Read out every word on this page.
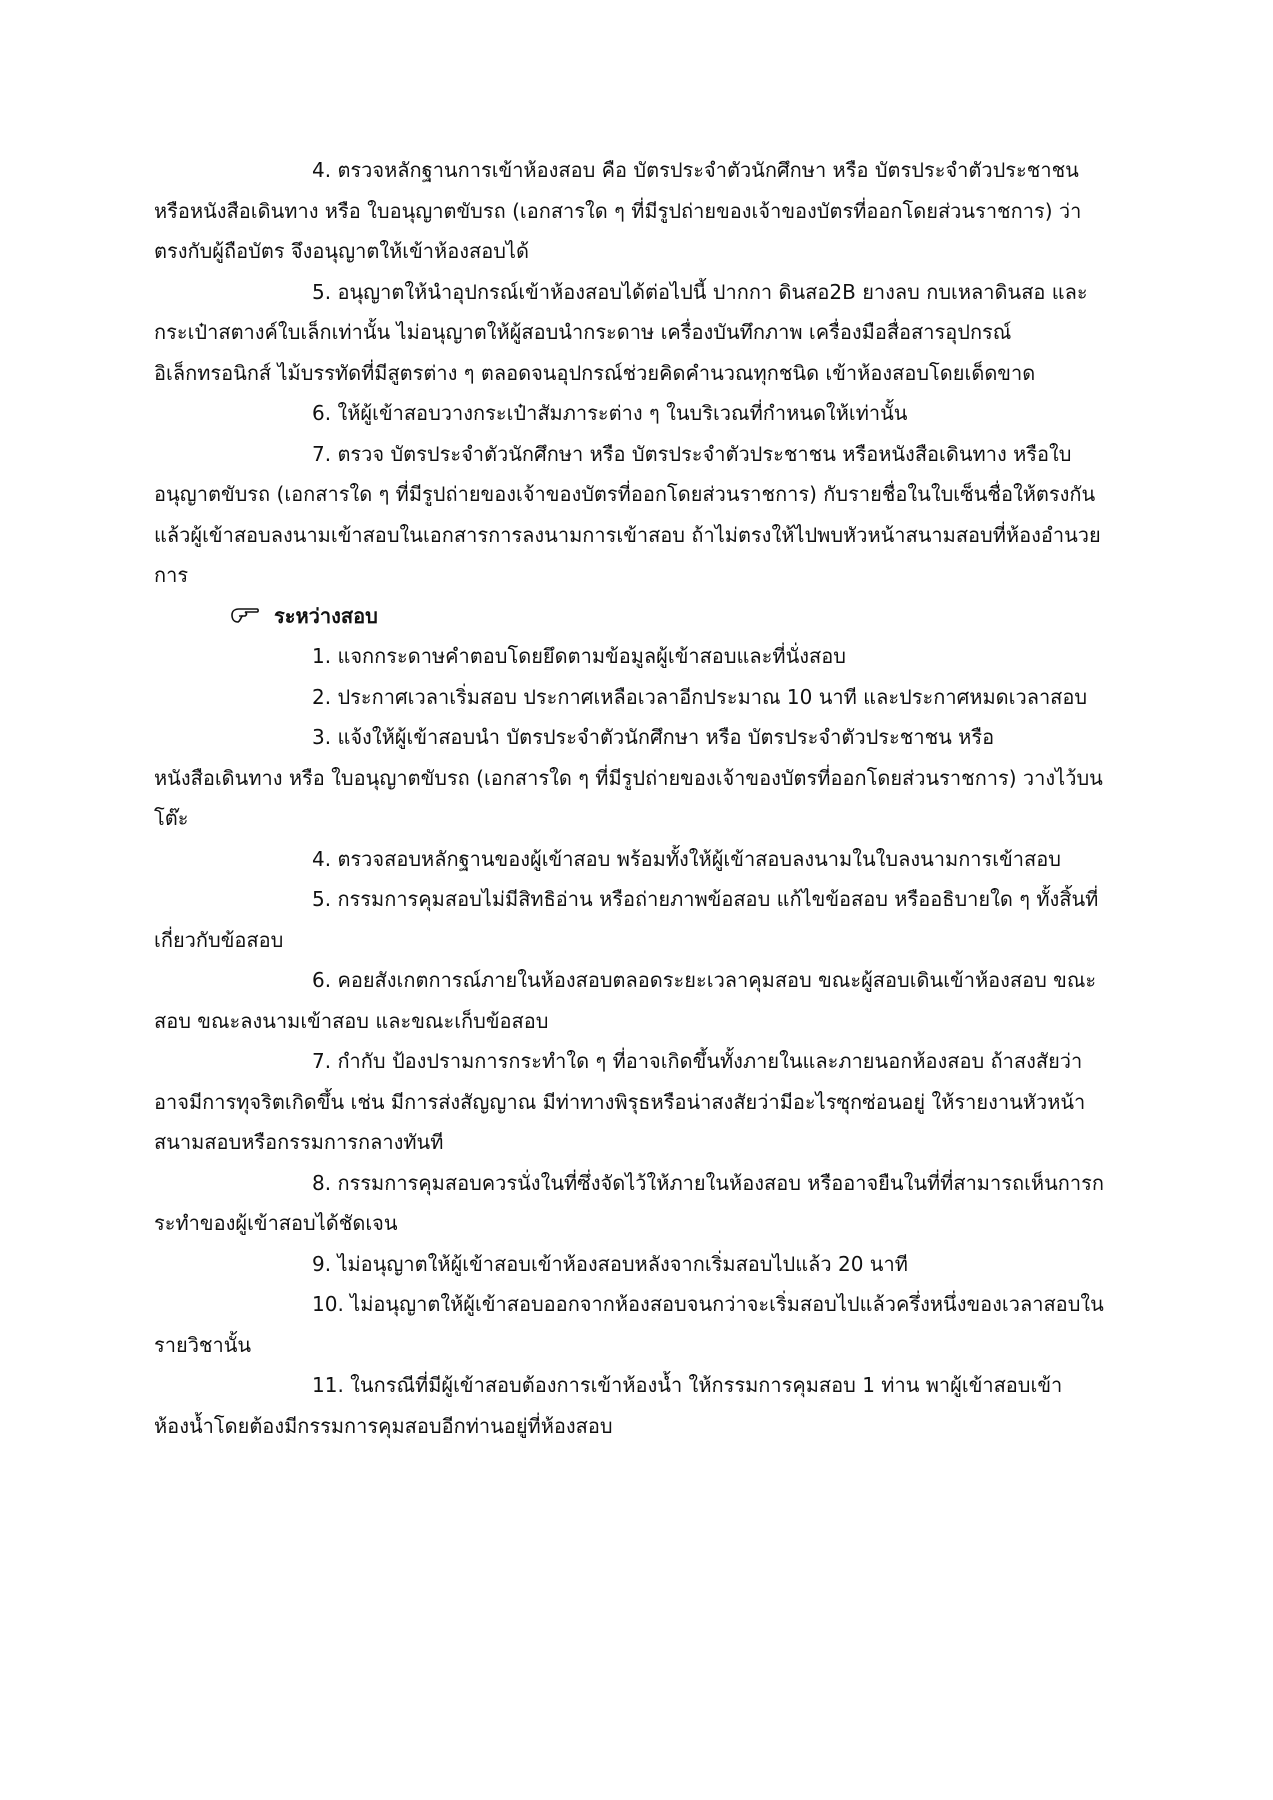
4. ตรวจหลักฐานการเข้าห้องสอบ คือ บัตรประจำตัวนักศึกษา หรือ บัตรประจำตัวประชาชน หรือหนังสือเดินทาง หรือ ใบอนุญาตขับรถ (เอกสารใด ๆ ที่มีรูปถ่ายของเจ้าของบัตรที่ออกโดยส่วนราชการ) ว่าตรงกับผู้ถือบัตร จึงอนุญาตให้เข้าห้องสอบได้

5. อนุญาตให้นำอุปกรณ์เข้าห้องสอบได้ต่อไปนี้ ปากกา ดินสอ2B ยางลบ กบเหลาดินสอ และกระเป๋าสตางค์ใบเล็กเท่านั้น ไม่อนุญาตให้ผู้สอบนำกระดาษ เครื่องบันทึกภาพ เครื่องมือสื่อสารอุปกรณ์อิเล็กทรอนิกส์ ไม้บรรทัดที่มีสูตรต่าง ๆ ตลอดจนอุปกรณ์ช่วยคิดคำนวณทุกชนิด เข้าห้องสอบโดยเด็ดขาด

6. ให้ผู้เข้าสอบวางกระเป๋าสัมภาระต่าง ๆ ในบริเวณที่กำหนดให้เท่านั้น

7. ตรวจ บัตรประจำตัวนักศึกษา หรือ บัตรประจำตัวประชาชน หรือหนังสือเดินทาง หรือใบอนุญาตขับรถ (เอกสารใด ๆ ที่มีรูปถ่ายของเจ้าของบัตรที่ออกโดยส่วนราชการ) กับรายชื่อในใบเซ็นชื่อให้ตรงกัน แล้วผู้เข้าสอบลงนามเข้าสอบในเอกสารการลงนามการเข้าสอบ ถ้าไม่ตรงให้ไปพบหัวหน้าสนามสอบที่ห้องอำนวยการ

ระหว่างสอบ

1. แจกกระดาษคำตอบโดยยึดตามข้อมูลผู้เข้าสอบและที่นั่งสอบ

2. ประกาศเวลาเริ่มสอบ ประกาศเหลือเวลาอีกประมาณ 10 นาที และประกาศหมดเวลาสอบ

3. แจ้งให้ผู้เข้าสอบนำ บัตรประจำตัวนักศึกษา หรือ บัตรประจำตัวประชาชน หรือหนังสือเดินทาง หรือ ใบอนุญาตขับรถ (เอกสารใด ๆ ที่มีรูปถ่ายของเจ้าของบัตรที่ออกโดยส่วนราชการ) วางไว้บนโต๊ะ

4. ตรวจสอบหลักฐานของผู้เข้าสอบ พร้อมทั้งให้ผู้เข้าสอบลงนามในใบลงนามการเข้าสอบ

5. กรรมการคุมสอบไม่มีสิทธิอ่าน หรือถ่ายภาพข้อสอบ แก้ไขข้อสอบ หรืออธิบายใด ๆ ทั้งสิ้นที่เกี่ยวกับข้อสอบ

6. คอยสังเกตการณ์ภายในห้องสอบตลอดระยะเวลาคุมสอบ ขณะผู้สอบเดินเข้าห้องสอบ ขณะสอบ ขณะลงนามเข้าสอบ และขณะเก็บข้อสอบ

7. กำกับ ป้องปรามการกระทำใด ๆ ที่อาจเกิดขึ้นทั้งภายในและภายนอกห้องสอบ ถ้าสงสัยว่าอาจมีการทุจริตเกิดขึ้น เช่น มีการส่งสัญญาณ มีท่าทางพิรุธหรือน่าสงสัยว่ามีอะไรซุกซ่อนอยู่ ให้รายงานหัวหน้าสนามสอบหรือกรรมการกลางทันที

8. กรรมการคุมสอบควรนั่งในที่ซึ่งจัดไว้ให้ภายในห้องสอบ หรืออาจยืนในที่ที่สามารถเห็นการกระทำของผู้เข้าสอบได้ชัดเจน

9. ไม่อนุญาตให้ผู้เข้าสอบเข้าห้องสอบหลังจากเริ่มสอบไปแล้ว 20 นาที

10. ไม่อนุญาตให้ผู้เข้าสอบออกจากห้องสอบจนกว่าจะเริ่มสอบไปแล้วครึ่งหนึ่งของเวลาสอบในรายวิชานั้น

11. ในกรณีที่มีผู้เข้าสอบต้องการเข้าห้องน้ำ ให้กรรมการคุมสอบ 1 ท่าน พาผู้เข้าสอบเข้าห้องน้ำโดยต้องมีกรรมการคุมสอบอีกท่านอยู่ที่ห้องสอบ
